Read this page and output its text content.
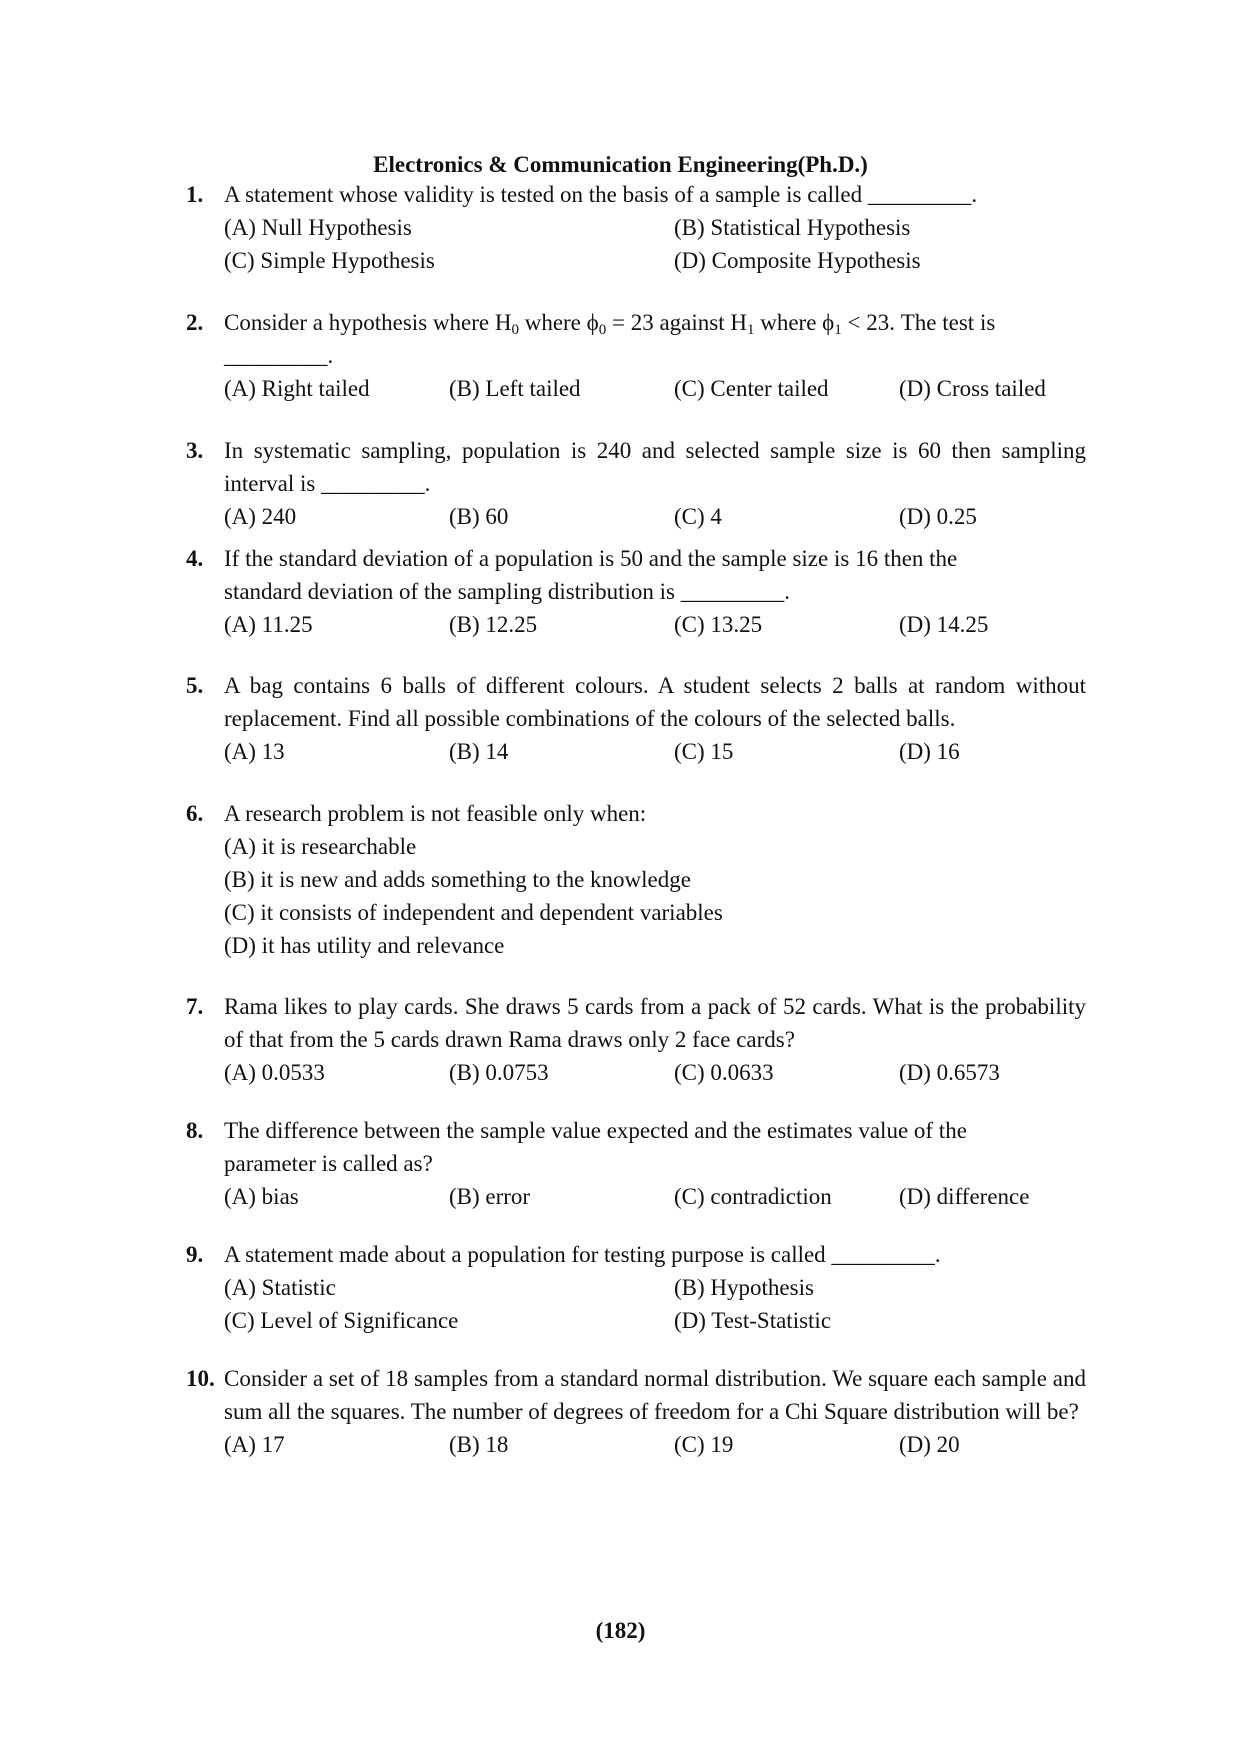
Electronics & Communication Engineering(Ph.D.)
1. A statement whose validity is tested on the basis of a sample is called _________.
(A) Null Hypothesis	(B) Statistical Hypothesis
(C) Simple Hypothesis	(D) Composite Hypothesis
2. Consider a hypothesis where $H_0$ where $\phi_0 = 23$ against $H_1$ where $\phi_1 < 23$. The test is
_________.
(A) Right tailed	(B) Left tailed	(C) Center tailed	(D) Cross tailed
3. In systematic sampling, population is 240 and selected sample size is 60 then sampling interval is _________.
(A) 240	(B) 60	(C) 4	(D) 0.25
4. If the standard deviation of a population is 50 and the sample size is 16 then the standard deviation of the sampling distribution is _________.
(A) 11.25	(B) 12.25	(C) 13.25	(D) 14.25
5. A bag contains 6 balls of different colours. A student selects 2 balls at random without replacement. Find all possible combinations of the colours of the selected balls.
(A) 13	(B) 14	(C) 15	(D) 16
6. A research problem is not feasible only when:
(A) it is researchable
(B) it is new and adds something to the knowledge
(C) it consists of independent and dependent variables
(D) it has utility and relevance
7. Rama likes to play cards. She draws 5 cards from a pack of 52 cards. What is the probability of that from the 5 cards drawn Rama draws only 2 face cards?
(A) 0.0533	(B) 0.0753	(C) 0.0633	(D) 0.6573
8. The difference between the sample value expected and the estimates value of the parameter is called as?
(A) bias	(B) error	(C) contradiction	(D) difference
9. A statement made about a population for testing purpose is called _________.
(A) Statistic	(B) Hypothesis
(C) Level of Significance	(D) Test-Statistic
10. Consider a set of 18 samples from a standard normal distribution. We square each sample and sum all the squares. The number of degrees of freedom for a Chi Square distribution will be?
(A) 17	(B) 18	(C) 19	(D) 20
(182)
